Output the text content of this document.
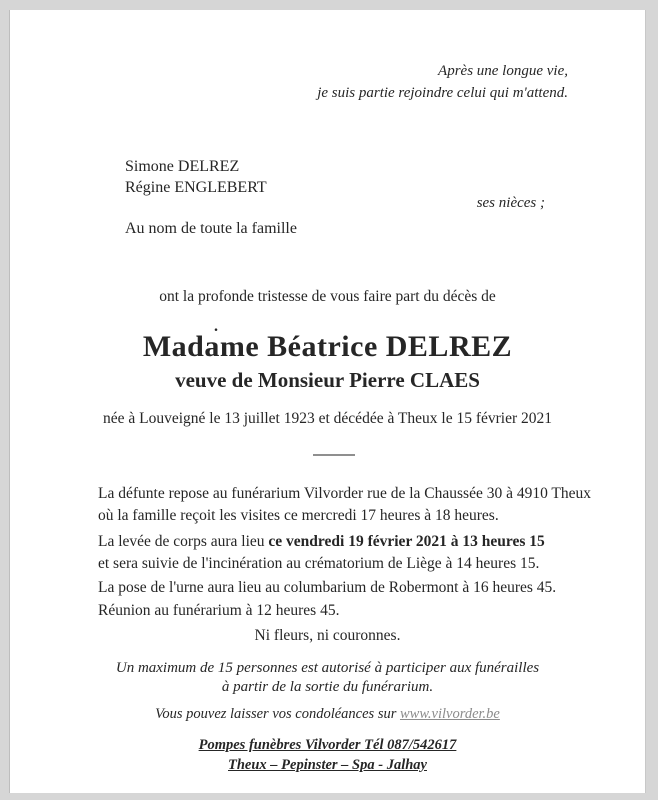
Après une longue vie,
je suis partie rejoindre celui qui m'attend.
Simone DELREZ
Régine ENGLEBERT
ses nièces ;
Au nom de toute la famille
ont la profonde tristesse de vous faire part du décès de
.
Madame Béatrice DELREZ
veuve de Monsieur Pierre CLAES
née à Louveigné le 13 juillet 1923 et décédée à Theux le 15 février 2021
La défunte repose au funérarium Vilvorder rue de la Chaussée 30 à 4910 Theux
où la famille reçoit les visites ce mercredi 17 heures à 18 heures.
La levée de corps aura lieu ce vendredi 19 février 2021 à 13 heures 15
et sera suivie de l'incinération au crématorium de Liège à 14 heures 15.
La pose de l'urne aura lieu au columbarium de Robermont à 16 heures 45.
Réunion au funérarium à 12 heures 45.
Ni fleurs, ni couronnes.
Un maximum de 15 personnes est autorisé à participer aux funérailles
à partir de la sortie du funérarium.
Vous pouvez laisser vos condoléances sur www.vilvorder.be
Pompes funèbres Vilvorder Tél 087/542617
Theux – Pepinster – Spa - Jalhay
